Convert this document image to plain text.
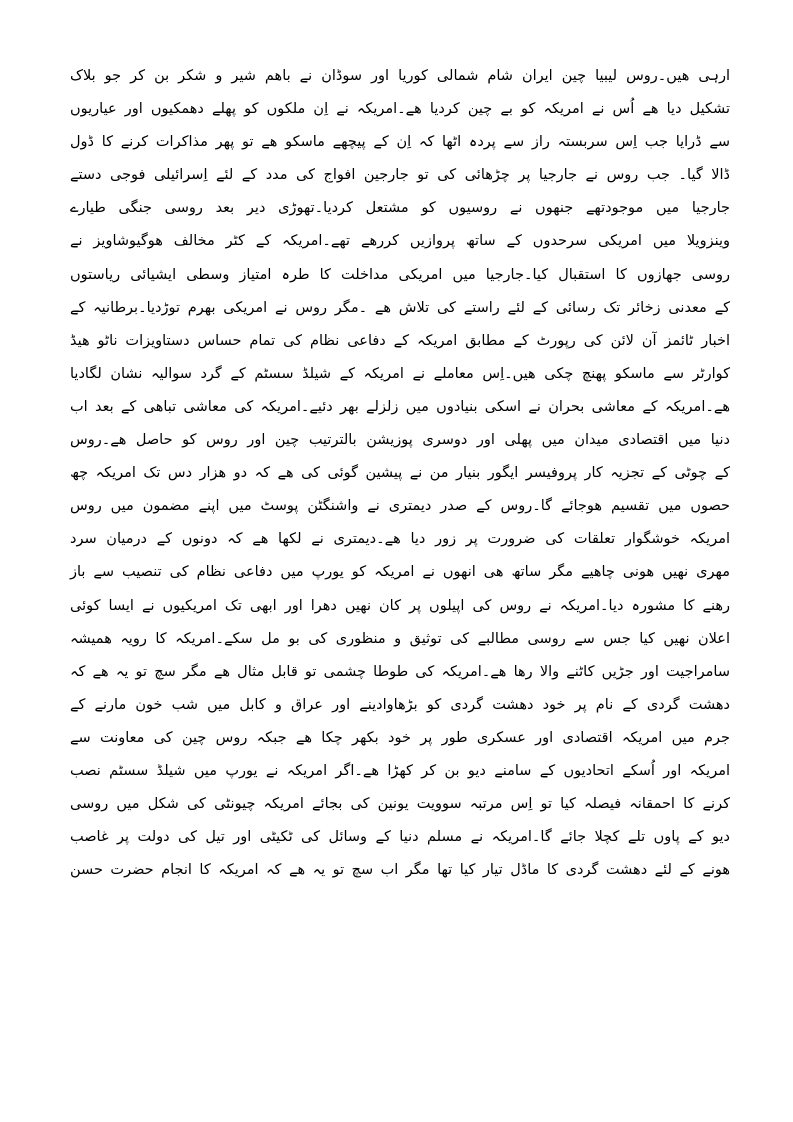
ارہی هیں۔روس لیبیا چین ایران شام شمالی کوریا اور سوڈان نے باهم شیر و شکر بن کر جو بلاک
تشکیل دیا هے اُس نے امریکہ کو بے چین کردیا هے۔امریکہ نے اِن ملکوں کو پهلے دهمکیوں اور عیاریوں
سے ڈرایا جب اِس سربستہ راز سے پردہ اٹها کہ اِن کے پیچهے ماسکو هے تو پهر مذاکرات کرنے کا ڈول
ڈالا گیا۔ جب روس نے جارجیا پر چڑهائی کی تو جارجین افواج کی مدد کے لئے اِسرائیلی فوجی دستے
جارجیا میں موجودتهے جنهوں نے روسیوں کو مشتعل کردیا۔تهوڑی دیر بعد روسی جنگی طیارے
وینزویلا میں امریکی سرحدوں کے ساتھ پروازیں کررهے تهے۔امریکہ کے کٹر مخالف هوگیوشاویز نے
روسی جهازوں کا استقبال کیا۔جارجیا میں امریکی مداخلت کا طرہ امتیاز وسطی ایشیائی ریاستوں
کے معدنی زخائر تک رسائی کے لئے راستے کی تلاش هے ۔مگر روس نے امریکی بهرم توڑدیا۔برطانیہ کے
اخبار ٹائمز آن لائن کی رپورٹ کے مطابق امریکہ کے دفاعی نظام کی تمام حساس دستاویزات ناٹو هیڈ
کوارٹر سے ماسکو پهنچ چکی هیں۔اِس معاملے نے امریکہ کے شیلڈ سسٹم کے گرد سوالیہ نشان لگادیا
هے۔امریکہ کے معاشی بحران نے اسکی بنیادوں میں زلزلے بهر دئیے۔امریکہ کی معاشی تباهی کے بعد اب
دنیا میں اقتصادی میدان میں پهلی اور دوسری پوزیشن بالترتیب چین اور روس کو حاصل هے۔روس
کے چوٹی کے تجزیہ کار پروفیسر ایگور بنیار من نے پیشین گوئی کی هے کہ دو هزار دس تک امریکہ چھ
حصوں میں تقسیم هوجائے گا۔روس کے صدر دیمتری نے واشنگٹن پوسٹ میں اپنے مضمون میں روس
امریکہ خوشگوار تعلقات کی ضرورت پر زور دیا هے۔دیمتری نے لکها هے کہ دونوں کے درمیان سرد
مهری نهیں هونی چاهیے مگر ساتھ هی انهوں نے امریکہ کو یورپ میں دفاعی نظام کی تنصیب سے باز
رهنے کا مشورہ دیا۔امریکہ نے روس کی اپیلوں پر کان نهیں دهرا اور ابهی تک امریکیوں نے ایسا کوئی
اعلان نهیں کیا جس سے روسی مطالبے کی توثیق و منظوری کی بو مل سکے۔امریکہ کا رویہ همیشہ
سامراجیت اور جڑیں کاٹنے والا رها هے۔امریکہ کی طوطا چشمی تو قابل مثال هے مگر سچ تو یہ هے کہ
دهشت گردی کے نام پر خود دهشت گردی کو بڑهاوادینے اور عراق و کابل میں شب خون مارنے کے
جرم میں امریکہ اقتصادی اور عسکری طور پر خود بکهر چکا هے جبکہ روس چین کی معاونت سے
امریکہ اور اُسکے اتحادیوں کے سامنے دیو بن کر کهڑا هے۔اگر امریکہ نے یورپ میں شیلڈ سسٹم نصب
کرنے کا احمقانہ فیصلہ کیا تو اِس مرتبہ سوویت یونین کی بجائے امریکہ چیونٹی کی شکل میں روسی
دیو کے پاوں تلے کچلا جائے گا۔امریکہ نے مسلم دنیا کے وسائل کی ٹکیٹی اور تیل کی دولت پر غاصب
هونے کے لئے دهشت گردی کا ماڈل تیار کیا تها مگر اب سچ تو یہ هے کہ امریکہ کا انجام حضرت حسن
